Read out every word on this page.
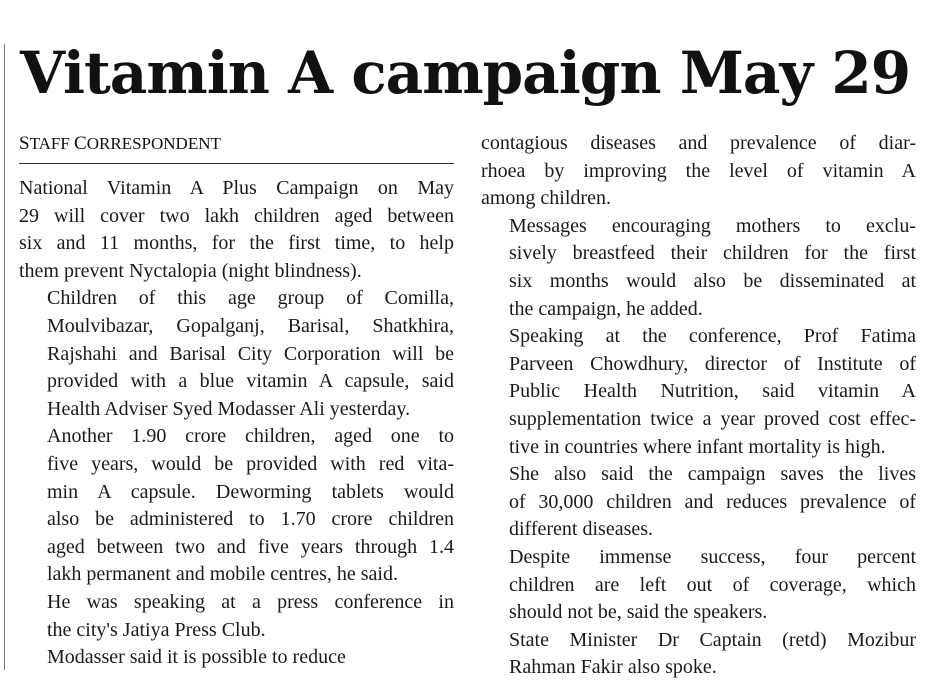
Vitamin A campaign May 29
STAFF CORRESPONDENT

National Vitamin A Plus Campaign on May
29 will cover two lakh children aged between
six and 11 months, for the first time, to help
them prevent Nyctalopia (night blindness).

Children of this age group of Comilla,
Moulvibazar, Gopalganj, Barisal, Shatkhira,
Rajshahi and Barisal City Corporation will be
provided with a blue vitamin A capsule, said
Health Adviser Syed Modasser Ali yesterday.

Another 1.90 crore children, aged one to
five years, would be provided with red vita-
min A capsule. Deworming tablets would
also be administered to 1.70 crore children
aged between two and five years through 1.4
lakh permanent and mobile centres, he said.

He was speaking at a press conference in
the city's Jatiya Press Club.

Modasser said it is possible to reduce

contagious diseases and prevalence of diar-
rhoea by improving the level of vitamin A
among children.

Messages encouraging mothers to exclu-
sively breastfeed their children for the first
six months would also be disseminated at
the campaign, he added.

Speaking at the conference, Prof Fatima
Parveen Chowdhury, director of Institute of
Public Health Nutrition, said vitamin A
supplementation twice a year proved cost effec-
tive in countries where infant mortality is high.

She also said the campaign saves the lives
of 30,000 children and reduces prevalence of
different diseases.

Despite immense success, four percent
children are left out of coverage, which
should not be, said the speakers.

State Minister Dr Captain (retd) Mozibur
Rahman Fakir also spoke.
